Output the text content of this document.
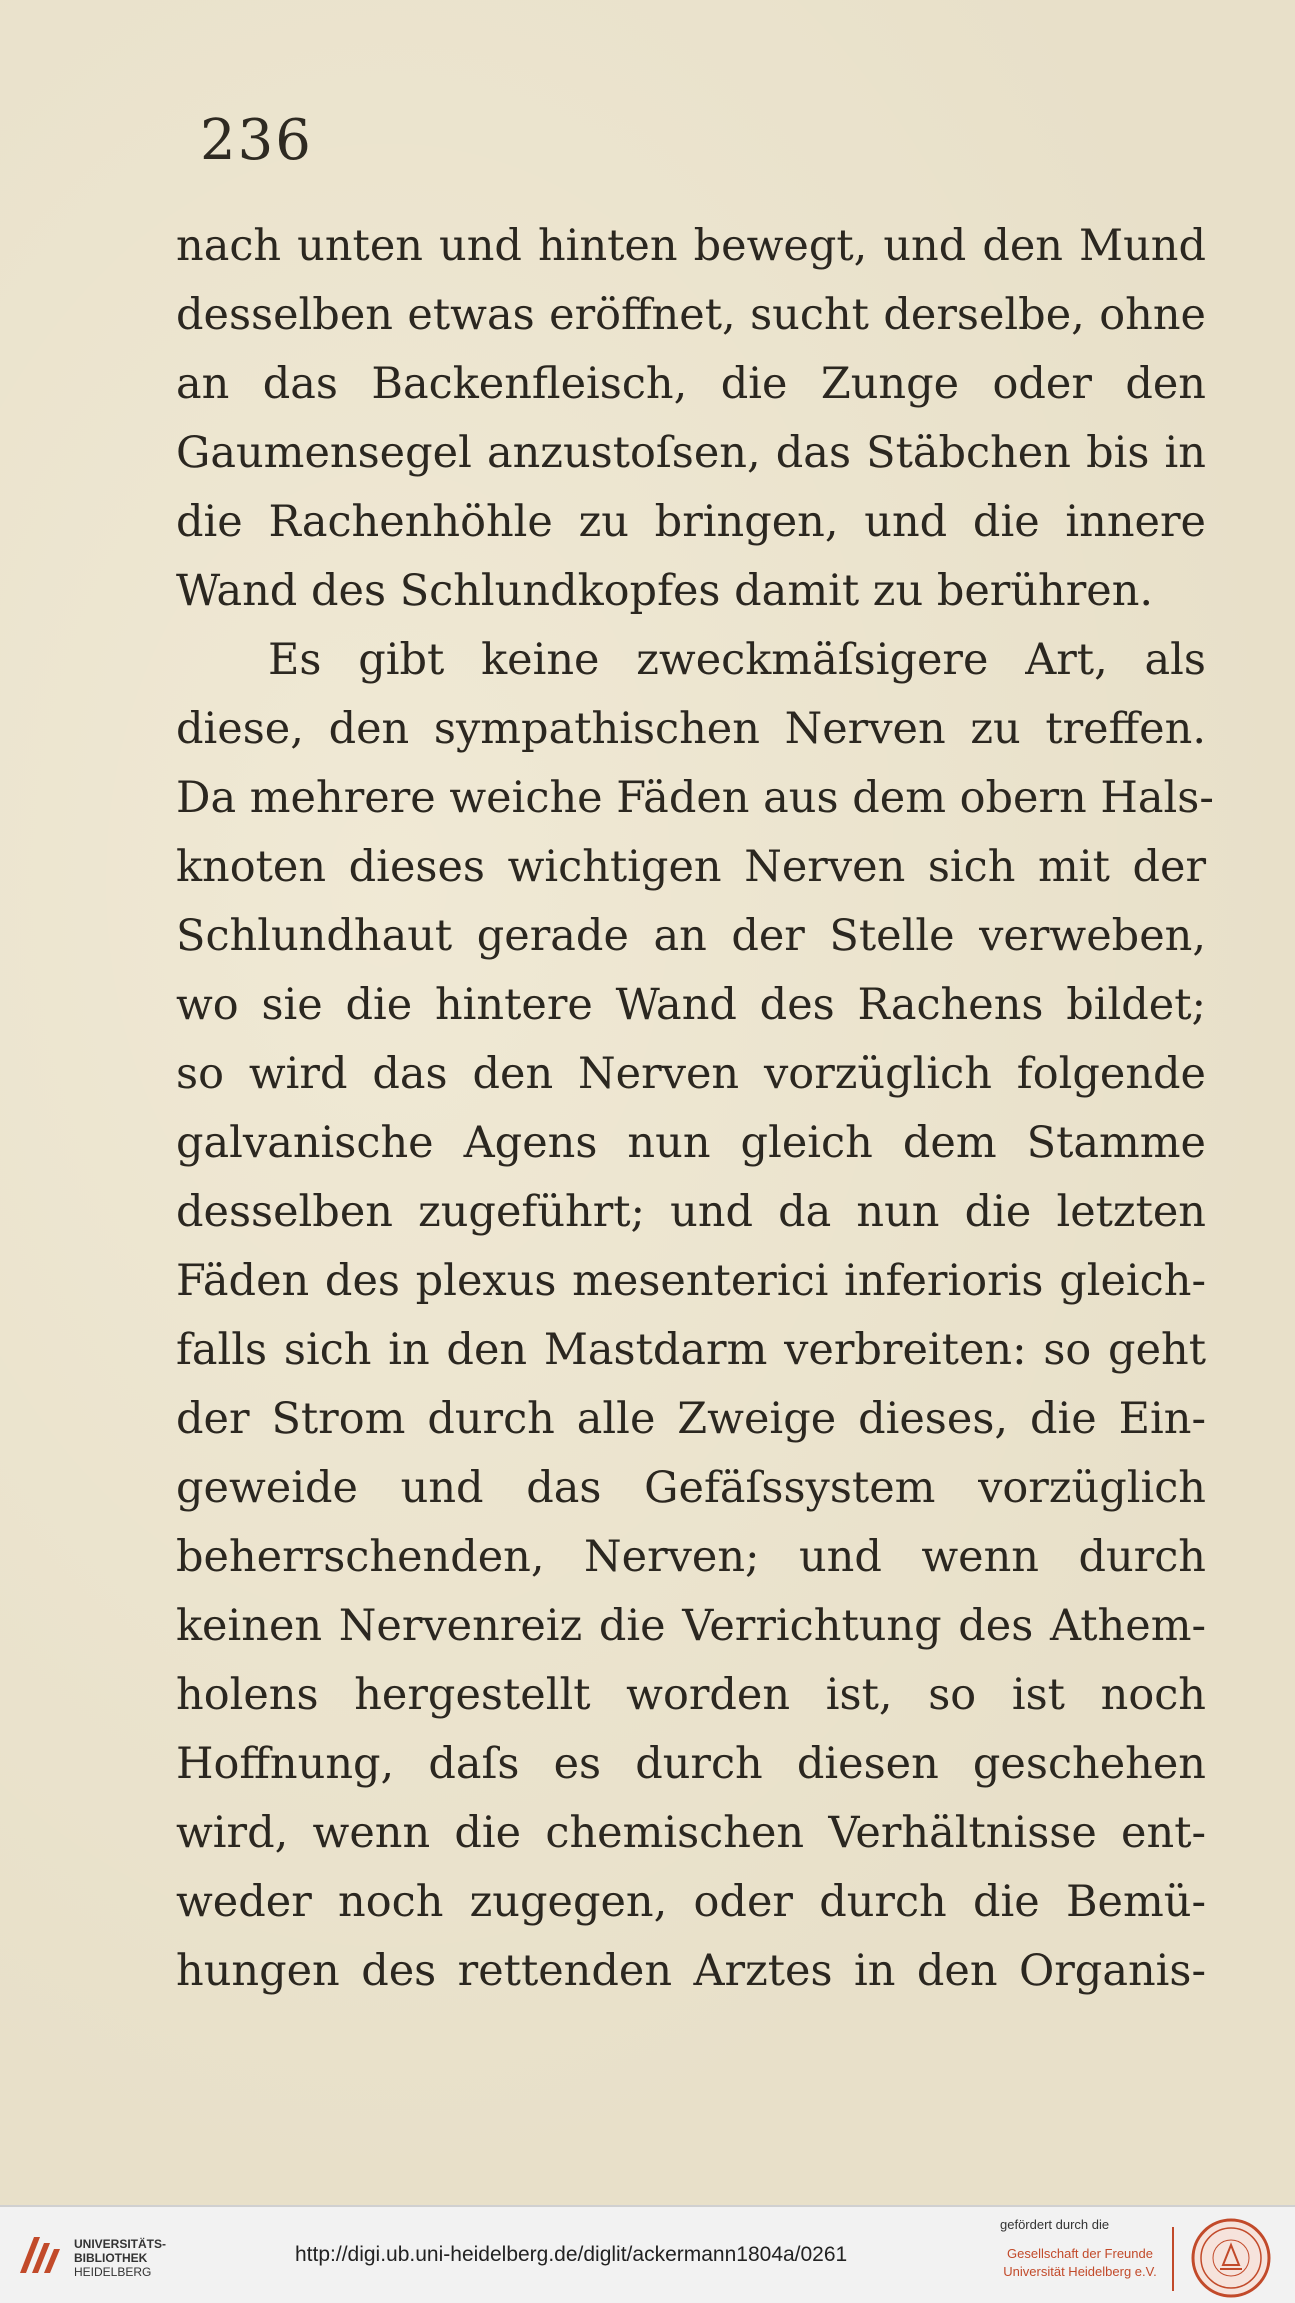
236
nach unten und hinten bewegt, und den Mund
desselben etwas eröffnet, sucht derselbe, ohne
an das Backenfleisch, die Zunge oder den
Gaumensegel anzustoſsen, das Stäbchen bis in
die Rachenhöhle zu bringen, und die innere
Wand des Schlundkopfes damit zu berühren.
Es gibt keine zweckmäſsigere Art, als
diese, den sympathischen Nerven zu treffen.
Da mehrere weiche Fäden aus dem obern Hals-
knoten dieses wichtigen Nerven sich mit der
Schlundhaut gerade an der Stelle verweben,
wo sie die hintere Wand des Rachens bildet;
so wird das den Nerven vorzüglich folgende
galvanische Agens nun gleich dem Stamme
desselben zugeführt; und da nun die letzten
Fäden des plexus mesenterici inferioris gleich-
falls sich in den Mastdarm verbreiten: so geht
der Strom durch alle Zweige dieses, die Ein-
geweide und das Gefäſssystem vorzüglich
beherrschenden, Nerven; und wenn durch
keinen Nervenreiz die Verrichtung des Athem-
holens hergestellt worden ist, so ist noch
Hoffnung, daſs es durch diesen geschehen
wird, wenn die chemischen Verhältnisse ent-
weder noch zugegen, oder durch die Bemü-
hungen des rettenden Arztes in den Organis-
UNIVERSITÄTS-
BIBLIOTHEK
HEIDELBERG
http://digi.ub.uni-heidelberg.de/diglit/ackermann1804a/0261
gefördert durch die
Gesellschaft der Freunde
Universität Heidelberg e.V.
